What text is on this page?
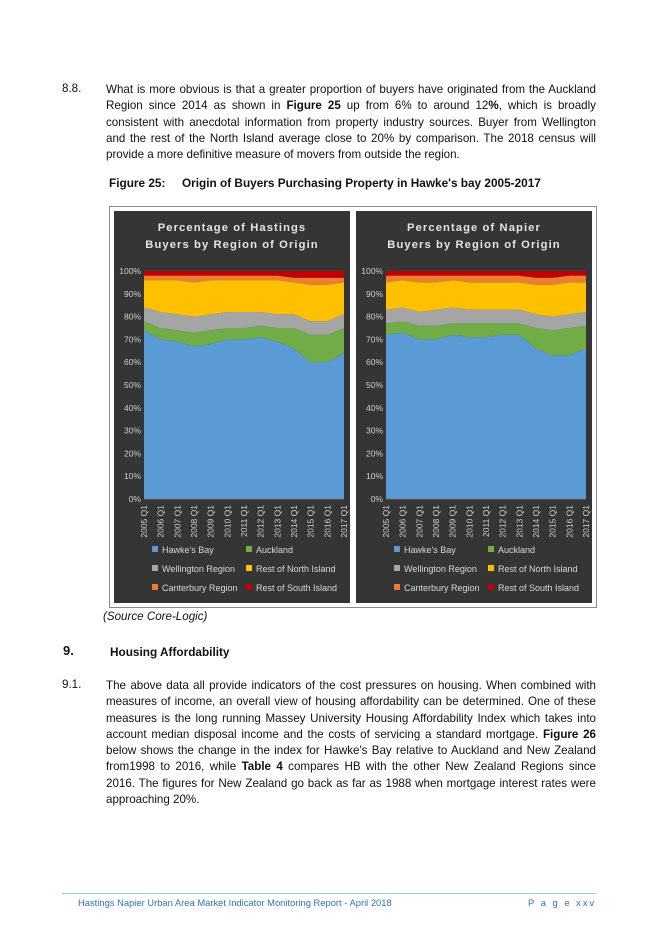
8.8. What is more obvious is that a greater proportion of buyers have originated from the Auckland Region since 2014 as shown in Figure 25 up from 6% to around 12%, which is broadly consistent with anecdotal information from property industry sources. Buyer from Wellington and the rest of the North Island average close to 20% by comparison. The 2018 census will provide a more definitive measure of movers from outside the region.
Figure 25: Origin of Buyers Purchasing Property in Hawke's bay 2005-2017
Percentage of Hastings Buyers by Region of Origin
0%
10%
20%
30%
40%
50%
60%
70%
80%
90%
100%
2005 Q1 2006 Q1 2007 Q1 2008 Q1 2009 Q1 2010 Q1 2011 Q1 2012 Q1 2013 Q1 2014 Q1 2015 Q1 2016 Q1 2017 Q1
Hawke's Bay	Auckland
Wellington Region	Rest of North Island
Canterbury Region	Rest of South Island
Percentage of Napier Buyers by Region of Origin
0%
10%
20%
30%
40%
50%
60%
70%
80%
90%
100%
2005 Q1 2006 Q1 2007 Q1 2008 Q1 2009 Q1 2010 Q1 2011 Q1 2012 Q1 2013 Q1 2014 Q1 2015 Q1 2016 Q1 2017 Q1
Hawke's Bay	Auckland
Wellington Region	Rest of North Island
Canterbury Region	Rest of South Island
(Source Core-Logic)
9.	Housing Affordability
9.1. The above data all provide indicators of the cost pressures on housing. When combined with measures of income, an overall view of housing affordability can be determined. One of these measures is the long running Massey University Housing Affordability Index which takes into account median disposal income and the costs of servicing a standard mortgage. Figure 26 below shows the change in the index for Hawke's Bay relative to Auckland and New Zealand from1998 to 2016, while Table 4 compares HB with the other New Zealand Regions since 2016. The figures for New Zealand go back as far as 1988 when mortgage interest rates were approaching 20%.
Hastings Napier Urban Area Market Indicator Monitoring Report - April 2018	P a g e xxv
